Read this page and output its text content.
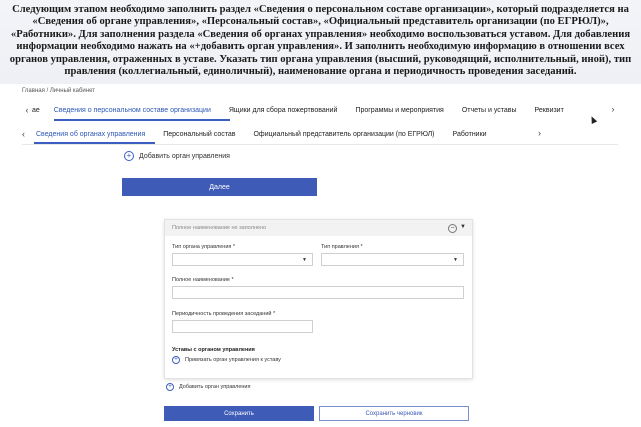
Следующим этапом необходимо заполнить раздел «Сведения о персональном составе организации», который подразделяется на «Сведения об органе управления», «Персональный состав», «Официальный представитель организации (по ЕГРЮЛ)», «Работники». Для заполнения раздела «Сведения об органах управления» необходимо воспользоваться уставом. Для добавления информации необходимо нажать на «+добавить орган управления». И заполнить необходимую информацию в отношении всех органов управления, отраженных в уставе. Указать тип органа управления (высший, руководящий, исполнительный, иной), тип правления (коллегиальный, единоличный), наименование органа и периодичность проведения заседаний.
Главная / Личный кабинет
‹ ае Сведения о персональном составе организации	Ящики для сбора пожертвований	Программы и мероприятия	Отчеты и уставы	Реквизит	›
‹	Сведения об органах управления	Персональный состав	Официальный представитель организации (по ЕГРЮЛ)	Работники	›
+	Добавить орган управления
Далее
Полное наименование не заполнено	− ▼
Тип органа управления *
▼
Тип правления *
▼
Полное наименование *
Периодичность проведения заседаний *
Уставы с органом управления
+	Привязать орган управления к уставу
+	Добавить орган управления
Сохранить	Сохранить черновик
